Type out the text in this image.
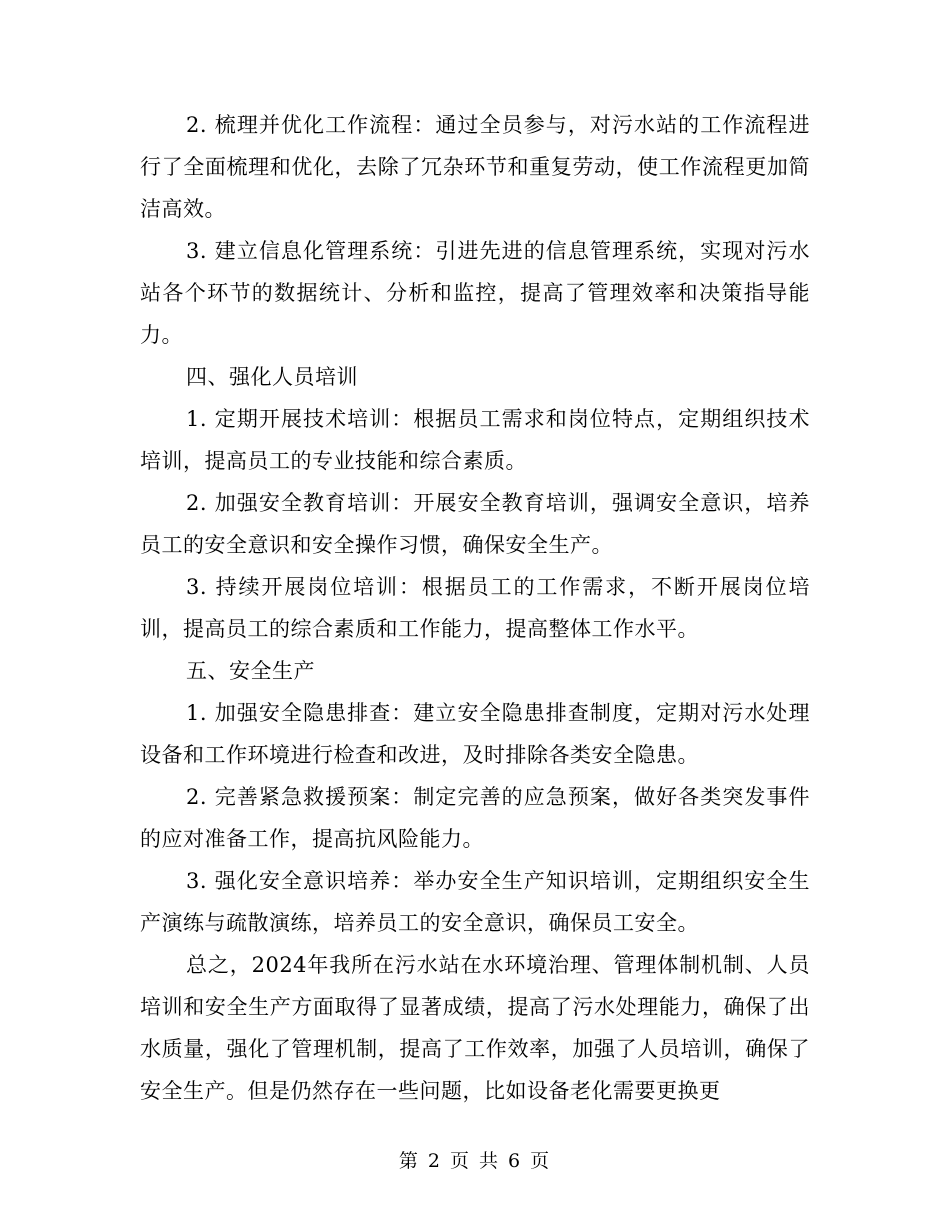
2. 梳理并优化工作流程：通过全员参与，对污水站的工作流程进行了全面梳理和优化，去除了冗杂环节和重复劳动，使工作流程更加简洁高效。

3. 建立信息化管理系统：引进先进的信息管理系统，实现对污水站各个环节的数据统计、分析和监控，提高了管理效率和决策指导能力。

四、强化人员培训

1. 定期开展技术培训：根据员工需求和岗位特点，定期组织技术培训，提高员工的专业技能和综合素质。

2. 加强安全教育培训：开展安全教育培训，强调安全意识，培养员工的安全意识和安全操作习惯，确保安全生产。

3. 持续开展岗位培训：根据员工的工作需求，不断开展岗位培训，提高员工的综合素质和工作能力，提高整体工作水平。

五、安全生产

1. 加强安全隐患排查：建立安全隐患排查制度，定期对污水处理设备和工作环境进行检查和改进，及时排除各类安全隐患。

2. 完善紧急救援预案：制定完善的应急预案，做好各类突发事件的应对准备工作，提高抗风险能力。

3. 强化安全意识培养：举办安全生产知识培训，定期组织安全生产演练与疏散演练，培养员工的安全意识，确保员工安全。

总之，2024年我所在污水站在水环境治理、管理体制机制、人员培训和安全生产方面取得了显著成绩，提高了污水处理能力，确保了出水质量，强化了管理机制，提高了工作效率，加强了人员培训，确保了安全生产。但是仍然存在一些问题，比如设备老化需要更换更

第 2 页 共 6 页
